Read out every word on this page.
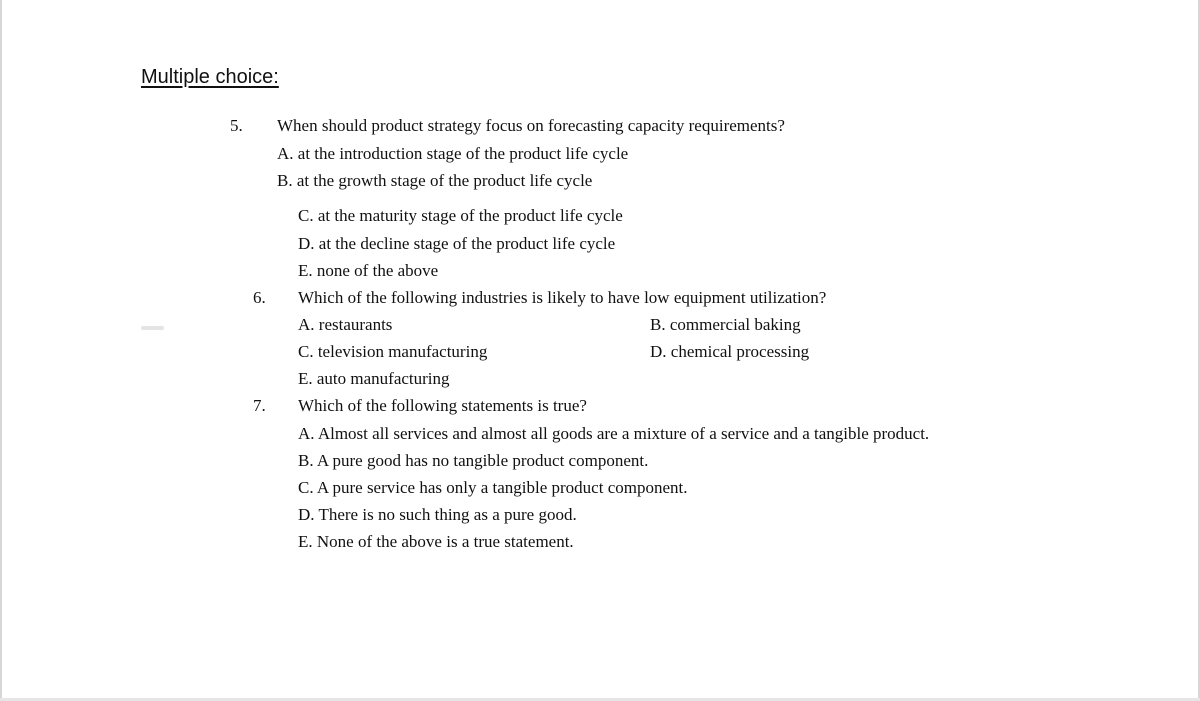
Multiple choice:
5. When should product strategy focus on forecasting capacity requirements?
A. at the introduction stage of the product life cycle
B. at the growth stage of the product life cycle
C. at the maturity stage of the product life cycle
D. at the decline stage of the product life cycle
E. none of the above
6. Which of the following industries is likely to have low equipment utilization?
A. restaurants	B. commercial baking
C. television manufacturing	D. chemical processing
E. auto manufacturing
7. Which of the following statements is true?
A. Almost all services and almost all goods are a mixture of a service and a tangible product.
B. A pure good has no tangible product component.
C. A pure service has only a tangible product component.
D. There is no such thing as a pure good.
E. None of the above is a true statement.
